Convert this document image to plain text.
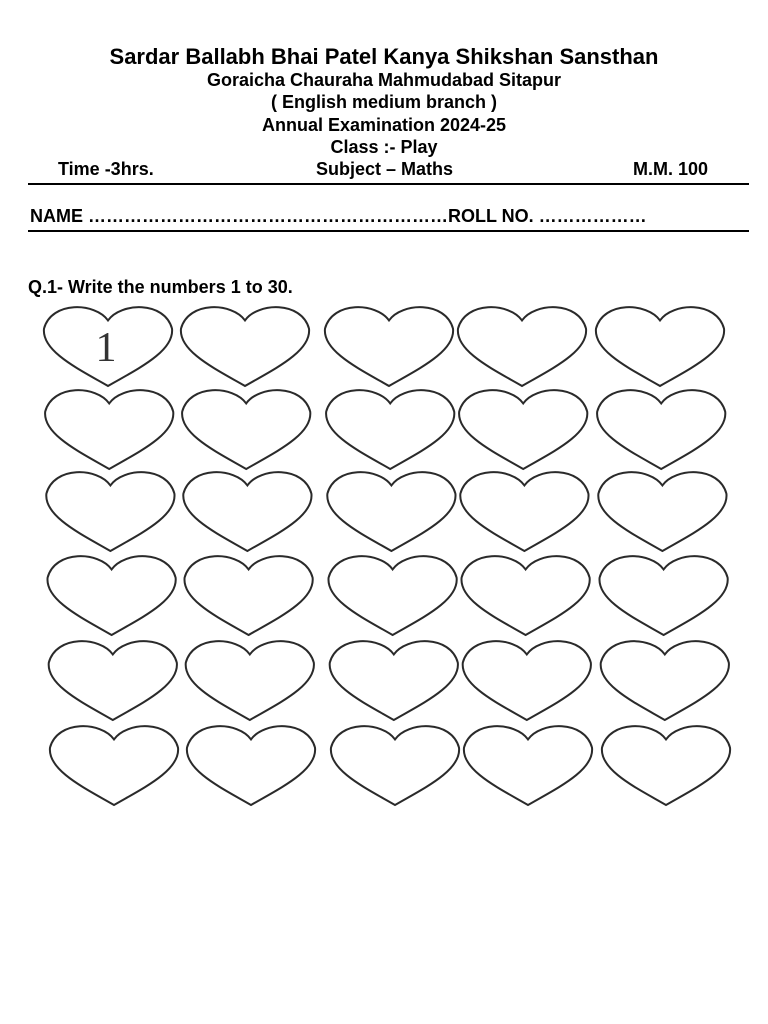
Sardar Ballabh Bhai Patel Kanya Shikshan Sansthan
Goraicha Chauraha Mahmudabad Sitapur
( English medium branch )
Annual Examination 2024-25
Class :- Play
Time -3hrs.	Subject – Maths	M.M. 100
NAME ……………………………………………………ROLL NO. ………………
Q.1- Write the numbers 1 to 30.
1
